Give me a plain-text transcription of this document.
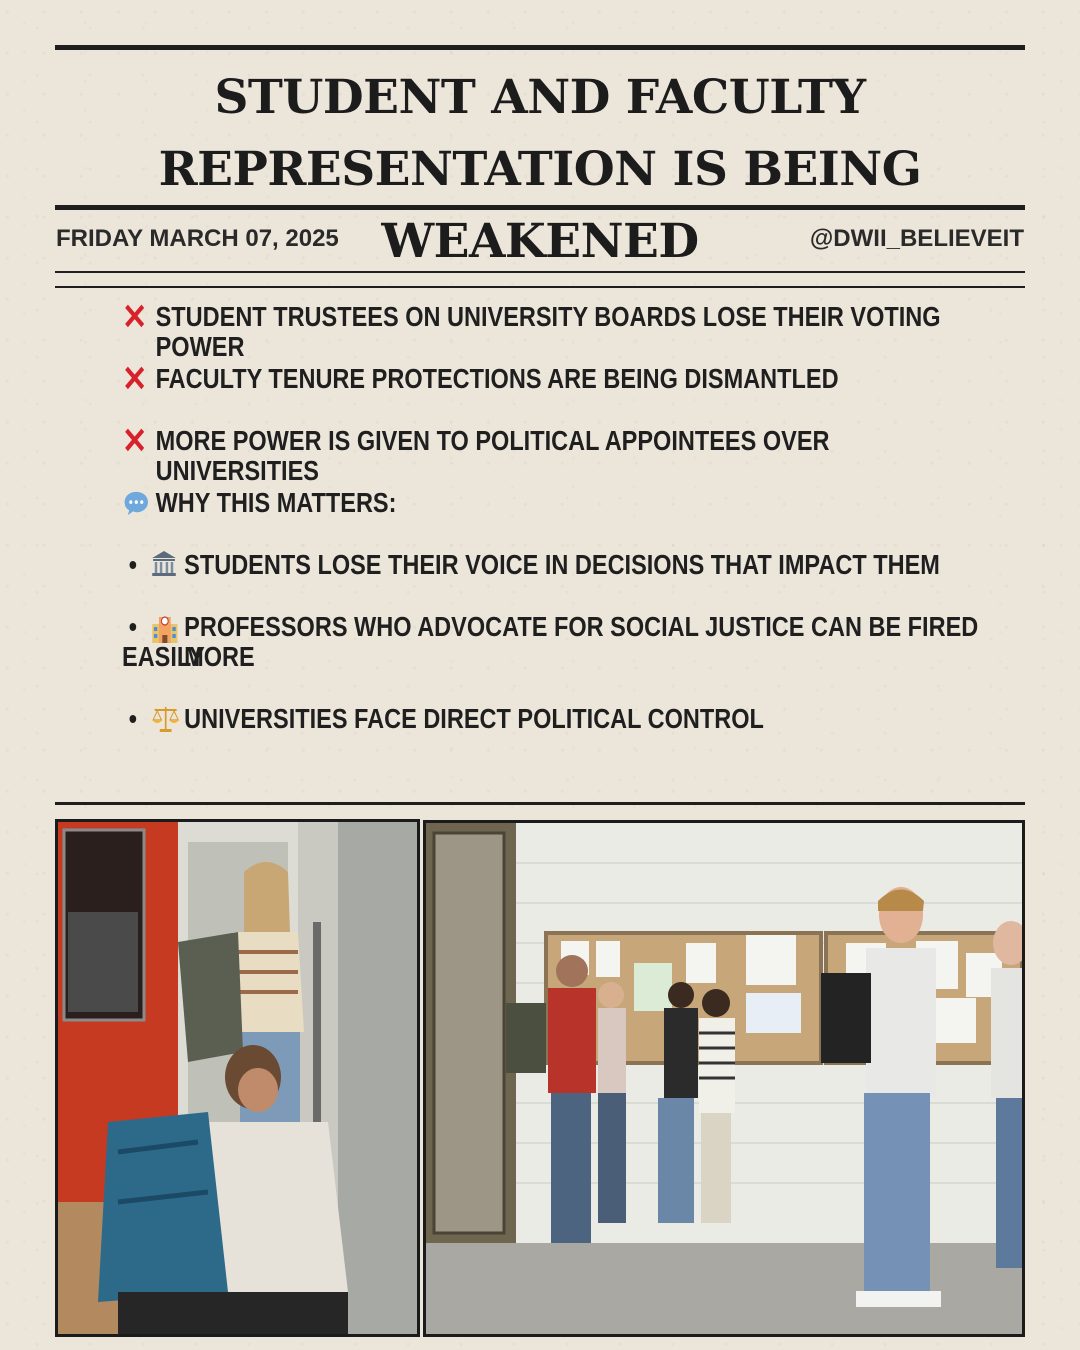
STUDENT AND FACULTY
REPRESENTATION IS BEING WEAKENED
FRIDAY MARCH 07, 2025	@DWII_BELIEVEIT
✕ STUDENT TRUSTEES ON UNIVERSITY BOARDS LOSE THEIR VOTING POWER
✕ FACULTY TENURE PROTECTIONS ARE BEING DISMANTLED
✕ MORE POWER IS GIVEN TO POLITICAL APPOINTEES OVER UNIVERSITIES
WHY THIS MATTERS:
•	STUDENTS LOSE THEIR VOICE IN DECISIONS THAT IMPACT THEM
•	PROFESSORS WHO ADVOCATE FOR SOCIAL JUSTICE CAN BE FIRED MORE
EASILY
•	UNIVERSITIES FACE DIRECT POLITICAL CONTROL
